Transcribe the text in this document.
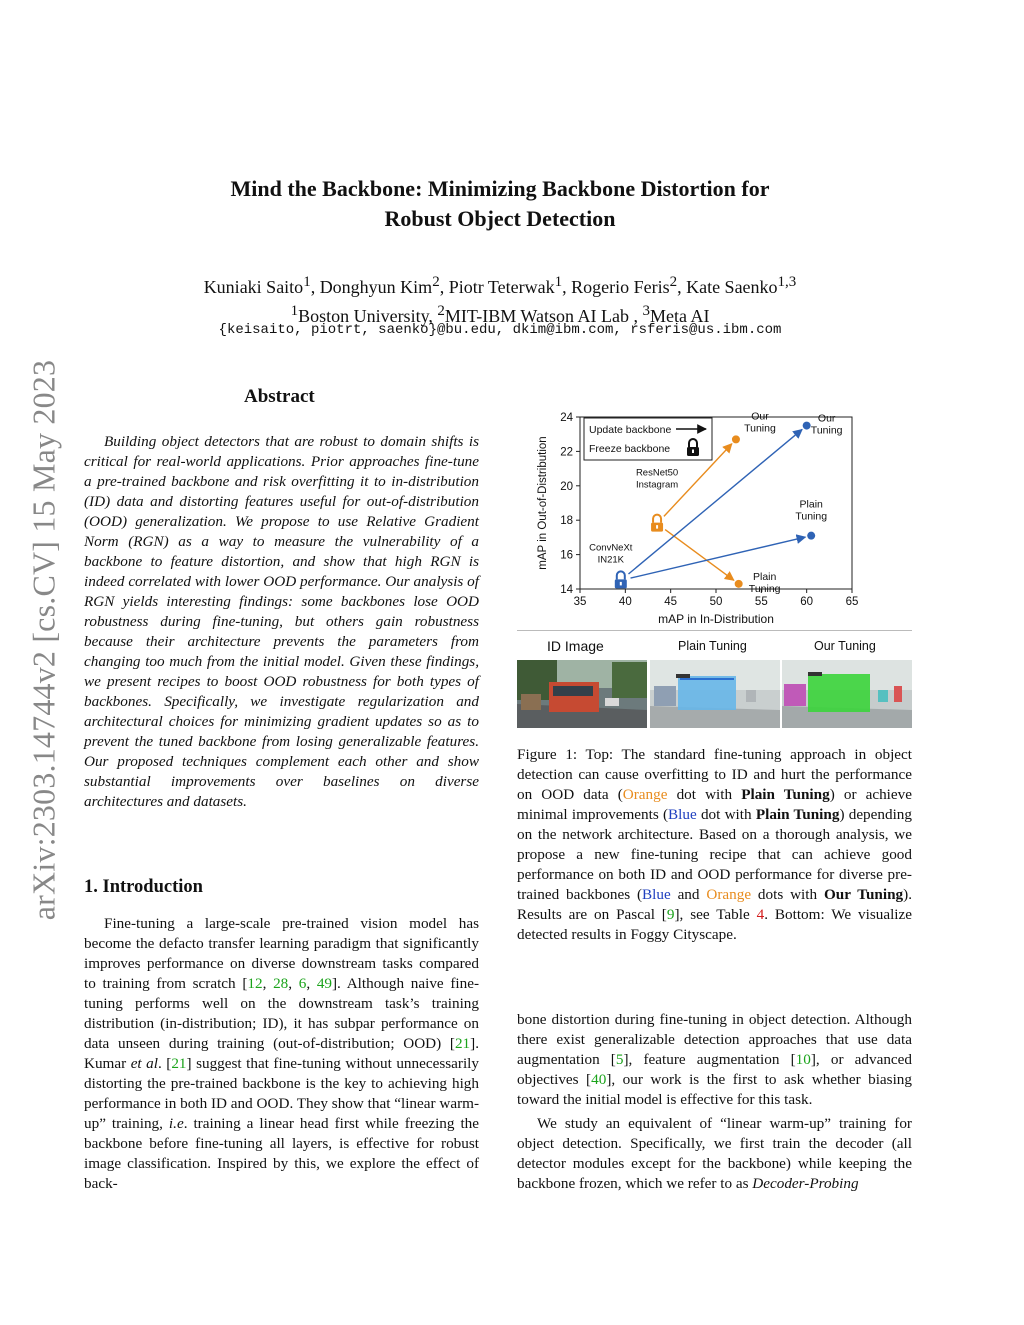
arXiv:2303.14744v2 [cs.CV] 15 May 2023
Mind the Backbone: Minimizing Backbone Distortion for
Robust Object Detection
Kuniaki Saito$^1$, Donghyun Kim$^2$, Piotr Teterwak$^1$, Rogerio Feris$^2$, Kate Saenko$^{1,3}$
$^1$Boston University, $^2$MIT-IBM Watson AI Lab , $^3$Meta AI
{keisaito, piotrt, saenko}@bu.edu, dkim@ibm.com, rsferis@us.ibm.com
Abstract

Building object detectors that are robust to domain shifts is critical for real-world applications. Prior approaches fine-tune a pre-trained backbone and risk overfitting it to in-distribution (ID) data and distorting features useful for out-of-distribution (OOD) generalization. We propose to use Relative Gradient Norm (RGN) as a way to measure the vulnerability of a backbone to feature distortion, and show that high RGN is indeed correlated with lower OOD performance. Our analysis of RGN yields interesting findings: some backbones lose OOD robustness during fine-tuning, but others gain robustness because their architecture prevents the parameters from changing too much from the initial model. Given these findings, we present recipes to boost OOD robustness for both types of backbones. Specifically, we investigate regularization and architectural choices for minimizing gradient updates so as to prevent the tuned backbone from losing generalizable features. Our proposed techniques complement each other and show substantial improvements over baselines on diverse architectures and datasets.

1. Introduction

Fine-tuning a large-scale pre-trained vision model has become the defacto transfer learning paradigm that significantly improves performance on diverse downstream tasks compared to training from scratch [12, 28, 6, 49]. Although naive fine-tuning performs well on the downstream task’s training distribution (in-distribution; ID), it has subpar performance on data unseen during training (out-of-distribution; OOD) [21]. Kumar et al. [21] suggest that fine-tuning without unnecessarily distorting the pre-trained backbone is the key to achieving high performance in both ID and OOD. They show that “linear warm-up” training, i.e. training a linear head first while freezing the backbone before fine-tuning all layers, is effective for robust image classification. Inspired by this, we explore the effect of back-

35	40	45	50	55	60	65
14
16
18
20
22
24
mAP in In-Distribution
mAP in Out-of-Distribution
Update backbone
Freeze backbone
Plain
Tuning
Our
Tuning
ResNet50
Instagram
Plain
Tuning
Our
Tuning
ConvNeXt
IN21K
ID Image	Plain Tuning	Our Tuning

Figure 1: Top: The standard fine-tuning approach in object detection can cause overfitting to ID and hurt the performance on OOD data (Orange dot with Plain Tuning) or achieve minimal improvements (Blue dot with Plain Tuning) depending on the network architecture. Based on a thorough analysis, we propose a new fine-tuning recipe that can achieve good performance on both ID and OOD performance for diverse pre-trained backbones (Blue and Orange dots with Our Tuning). Results are on Pascal [9], see Table 4. Bottom: We visualize detected results in Foggy Cityscape.

bone distortion during fine-tuning in object detection. Although there exist generalizable detection approaches that use data augmentation [5], feature augmentation [10], or advanced objectives [40], our work is the first to ask whether biasing toward the initial model is effective for this task.

We study an equivalent of “linear warm-up” training for object detection. Specifically, we first train the decoder (all detector modules except for the backbone) while keeping the backbone frozen, which we refer to as Decoder-Probing
